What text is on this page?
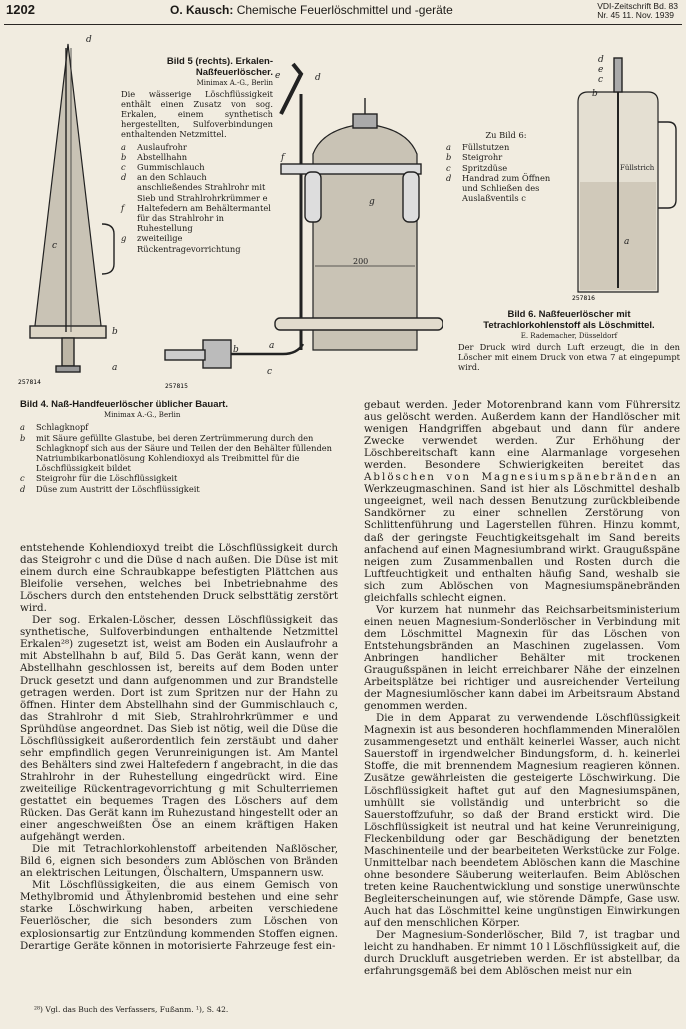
1202	O. Kausch: Chemische Feuerlöschmittel und -geräte	VDI-Zeitschrift Bd. 83
Nr. 45 11. Nov. 1939
d
c
b
a
257814
Bild 5 (rechts). Erkalen-Naßfeuerlöscher.
Minimax A.-G., Berlin
Die wässerige Löschflüssigkeit enthält einen Zusatz von sog. Erkalen, einem synthetisch hergestellten, Sulfoverbindungen enthaltenden Netzmittel.
a	Auslaufrohr
b	Abstellhahn
c	Gummischlauch
d	an den Schlauch anschließendes Strahlrohr mit Sieb und Strahlrohrkrümmer e
f	Haltefedern am Behältermantel für das Strahlrohr in Ruhestellung
g	zweiteilige Rückentragevorrichtung
200
e	d
f
g
b	a
c
257815
Zu Bild 6:
a	Füllstutzen
b	Steigrohr
c	Spritzdüse
d	Handrad zum Öffnen und Schließen des Auslaßventils c
Füllstrich
d
e
c
b
a
257816
Bild 6. Naßfeuerlöscher mit Tetrachlorkohlenstoff als Löschmittel.
E. Rademacher, Düsseldorf
Der Druck wird durch Luft erzeugt, die in den Löscher mit einem Druck von etwa 7 at eingepumpt wird.
Bild 4. Naß-Handfeuerlöscher üblicher Bauart.
Minimax A.-G., Berlin
a	Schlagknopf
b	mit Säure gefüllte Glastube, bei deren Zertrümmerung durch den Schlagknopf sich aus der Säure und Teilen der den Behälter füllenden Natriumbikarbonatlösung Kohlendioxyd als Treibmittel für die Löschflüssigkeit bildet
c	Steigrohr für die Löschflüssigkeit
d	Düse zum Austritt der Löschflüssigkeit

entstehende Kohlendioxyd treibt die Löschflüssigkeit durch das Steigrohr c und die Düse d nach außen. Die Düse ist mit einem durch eine Schraubkappe befestigten Plättchen aus Bleifolie versehen, welches bei Inbetriebnahme des Löschers durch den entstehenden Druck selbsttätig zerstört wird.

Der sog. Erkalen-Löscher, dessen Löschflüssigkeit das synthetische, Sulfoverbindungen enthaltende Netzmittel Erkalen²⁸) zugesetzt ist, weist am Boden ein Auslaufrohr a mit Abstellhahn b auf, Bild 5. Das Gerät kann, wenn der Abstellhahn geschlossen ist, bereits auf dem Boden unter Druck gesetzt und dann aufgenommen und zur Brandstelle getragen werden. Dort ist zum Spritzen nur der Hahn zu öffnen. Hinter dem Abstellhahn sind der Gummischlauch c, das Strahlrohr d mit Sieb, Strahlrohrkrümmer e und Sprühdüse angeordnet. Das Sieb ist nötig, weil die Düse die Löschflüssigkeit außerordentlich fein zerstäubt und daher sehr empfindlich gegen Verunreinigungen ist. Am Mantel des Behälters sind zwei Haltefedern f angebracht, in die das Strahlrohr in der Ruhestellung eingedrückt wird. Eine zweiteilige Rückentragevorrichtung g mit Schulterriemen gestattet ein bequemes Tragen des Löschers auf dem Rücken. Das Gerät kann im Ruhezustand hingestellt oder an einer angeschweißten Öse an einem kräftigen Haken aufgehängt werden.

Die mit Tetrachlorkohlenstoff arbeitenden Naßlöscher, Bild 6, eignen sich besonders zum Ablöschen von Bränden an elektrischen Leitungen, Ölschaltern, Umspannern usw.

Mit Löschflüssigkeiten, die aus einem Gemisch von Methylbromid und Äthylenbromid bestehen und eine sehr starke Löschwirkung haben, arbeiten verschiedene Feuerlöscher, die sich besonders zum Löschen von explosionsartig zur Entzündung kommenden Stoffen eignen. Derartige Geräte können in motorisierte Fahrzeuge fest ein-

²⁸) Vgl. das Buch des Verfassers, Fußanm. ¹), S. 42.

gebaut werden. Jeder Motorenbrand kann vom Führersitz aus gelöscht werden. Außerdem kann der Handlöscher mit wenigen Handgriffen abgebaut und dann für andere Zwecke verwendet werden. Zur Erhöhung der Löschbereitschaft kann eine Alarmanlage vorgesehen werden. Besondere Schwierigkeiten bereitet das Ablöschen von Magnesiumspänebränden an Werkzeugmaschinen. Sand ist hier als Löschmittel deshalb ungeeignet, weil nach dessen Benutzung zurückbleibende Sandkörner zu einer schnellen Zerstörung von Schlittenführung und Lagerstellen führen. Hinzu kommt, daß der geringste Feuchtigkeitsgehalt im Sand bereits anfachend auf einen Magnesiumbrand wirkt. Graugußspäne neigen zum Zusammenballen und Rosten durch die Luftfeuchtigkeit und enthalten häufig Sand, weshalb sie sich zum Ablöschen von Magnesiumspänebränden gleichfalls schlecht eignen.

Vor kurzem hat nunmehr das Reichsarbeitsministerium einen neuen Magnesium-Sonderlöscher in Verbindung mit dem Löschmittel Magnexin für das Löschen von Entstehungsbränden an Maschinen zugelassen. Vom Anbringen handlicher Behälter mit trockenen Graugußspänen in leicht erreichbarer Nähe der einzelnen Arbeitsplätze bei richtiger und ausreichender Verteilung der Magnesiumlöscher kann dabei im Arbeitsraum Abstand genommen werden.

Die in dem Apparat zu verwendende Löschflüssigkeit Magnexin ist aus besonderen hochflammenden Mineralölen zusammengesetzt und enthält keinerlei Wasser, auch nicht Sauerstoff in irgendwelcher Bindungsform, d. h. keinerlei Stoffe, die mit brennendem Magnesium reagieren können. Zusätze gewährleisten die gesteigerte Löschwirkung. Die Löschflüssigkeit haftet gut auf den Magnesiumspänen, umhüllt sie vollständig und unterbricht so die Sauerstoffzufuhr, so daß der Brand erstickt wird. Die Löschflüssigkeit ist neutral und hat keine Verunreinigung, Fleckenbildung oder gar Beschädigung der benetzten Maschinenteile und der bearbeiteten Werkstücke zur Folge. Unmittelbar nach beendetem Ablöschen kann die Maschine ohne besondere Säuberung weiterlaufen. Beim Ablöschen treten keine Rauchentwicklung und sonstige unerwünschte Begleiterscheinungen auf, wie störende Dämpfe, Gase usw. Auch hat das Löschmittel keine ungünstigen Einwirkungen auf den menschlichen Körper.

Der Magnesium-Sonderlöscher, Bild 7, ist tragbar und leicht zu handhaben. Er nimmt 10 l Löschflüssigkeit auf, die durch Druckluft ausgetrieben werden. Er ist abstellbar, da erfahrungsgemäß bei dem Ablöschen meist nur ein
